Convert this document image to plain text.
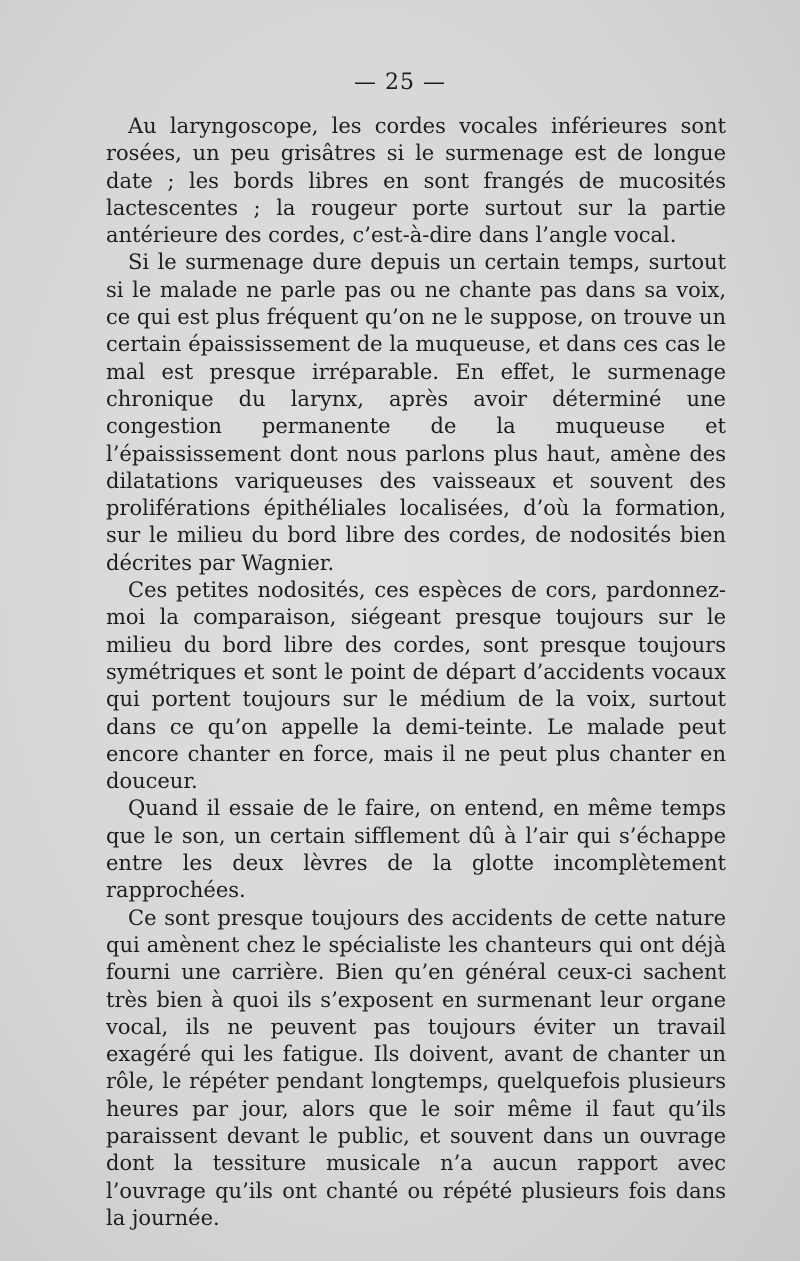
— 25 —

Au laryngoscope, les cordes vocales inférieures sont rosées, un peu grisâtres si le surmenage est de longue date ; les bords libres en sont frangés de mucosités lactescentes ; la rougeur porte surtout sur la partie antérieure des cordes, c’est-à-dire dans l’angle vocal.

Si le surmenage dure depuis un certain temps, surtout si le malade ne parle pas ou ne chante pas dans sa voix, ce qui est plus fréquent qu’on ne le suppose, on trouve un certain épaississement de la muqueuse, et dans ces cas le mal est presque irréparable. En effet, le surmenage chronique du larynx, après avoir déterminé une congestion permanente de la muqueuse et l’épaississement dont nous parlons plus haut, amène des dilatations variqueuses des vaisseaux et souvent des proliférations épithéliales localisées, d’où la formation, sur le milieu du bord libre des cordes, de nodosités bien décrites par Wagnier.

Ces petites nodosités, ces espèces de cors, pardonnez-moi la comparaison, siégeant presque toujours sur le milieu du bord libre des cordes, sont presque toujours symétriques et sont le point de départ d’accidents vocaux qui portent toujours sur le médium de la voix, surtout dans ce qu’on appelle la demi-teinte. Le malade peut encore chanter en force, mais il ne peut plus chanter en douceur.

Quand il essaie de le faire, on entend, en même temps que le son, un certain sifflement dû à l’air qui s’échappe entre les deux lèvres de la glotte incomplètement rapprochées.

Ce sont presque toujours des accidents de cette nature qui amènent chez le spécialiste les chanteurs qui ont déjà fourni une carrière. Bien qu’en général ceux-ci sachent très bien à quoi ils s’exposent en surmenant leur organe vocal, ils ne peuvent pas toujours éviter un travail exagéré qui les fatigue. Ils doivent, avant de chanter un rôle, le répéter pendant longtemps, quelquefois plusieurs heures par jour, alors que le soir même il faut qu’ils paraissent devant le public, et souvent dans un ouvrage dont la tessiture musicale n’a aucun rapport avec l’ouvrage qu’ils ont chanté ou répété plusieurs fois dans la journée.
